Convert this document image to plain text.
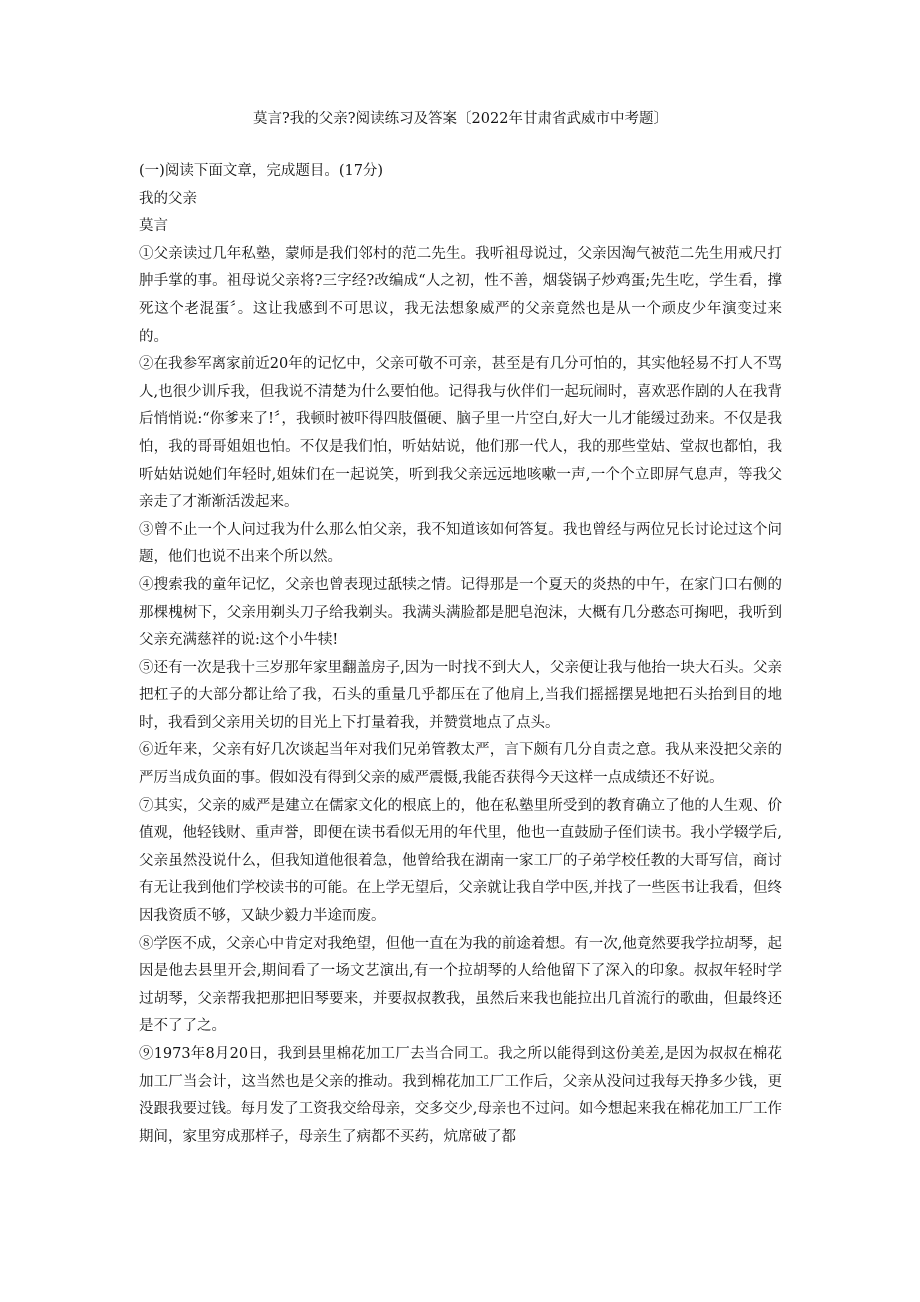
莫言?我的父亲?阅读练习及答案〔2022年甘肃省武威市中考题〕

(一)阅读下面文章，完成题目。(17分)

我的父亲

莫言

①父亲读过几年私塾，蒙师是我们邻村的范二先生。我听祖母说过，父亲因淘气被范二先生用戒尺打肿手掌的事。祖母说父亲将?三字经?改编成“人之初，性不善，烟袋锅子炒鸡蛋;先生吃，学生看，撑死这个老混蛋〞。这让我感到不可思议，我无法想象威严的父亲竟然也是从一个顽皮少年演变过来的。

②在我参军离家前近20年的记忆中，父亲可敬不可亲，甚至是有几分可怕的，其实他轻易不打人不骂人,也很少训斥我，但我说不清楚为什么要怕他。记得我与伙伴们一起玩闹时，喜欢恶作剧的人在我背后悄悄说:“你爹来了!〞，我顿时被吓得四肢僵硬、脑子里一片空白,好大一儿才能缓过劲来。不仅是我怕，我的哥哥姐姐也怕。不仅是我们怕，听姑姑说，他们那一代人，我的那些堂姑、堂叔也都怕，我听姑姑说她们年轻时,姐妹们在一起说笑，听到我父亲远远地咳嗽一声,一个个立即屏气息声，等我父亲走了才渐渐活泼起来。

③曾不止一个人问过我为什么那么怕父亲，我不知道该如何答复。我也曾经与两位兄长讨论过这个问题，他们也说不出来个所以然。

④搜索我的童年记忆，父亲也曾表现过舐犊之情。记得那是一个夏天的炎热的中午，在家门口右侧的那棵槐树下，父亲用剃头刀子给我剃头。我满头满脸都是肥皂泡沫，大概有几分憨态可掬吧，我听到父亲充满慈祥的说:这个小牛犊!

⑤还有一次是我十三岁那年家里翻盖房子,因为一时找不到大人，父亲便让我与他抬一块大石头。父亲把杠子的大部分都让给了我，石头的重量几乎都压在了他肩上,当我们摇摇摆晃地把石头抬到目的地时，我看到父亲用关切的目光上下打量着我，并赞赏地点了点头。

⑥近年来，父亲有好几次谈起当年对我们兄弟管教太严，言下颇有几分自责之意。我从来没把父亲的严厉当成负面的事。假如没有得到父亲的威严震慑,我能否获得今天这样一点成绩还不好说。

⑦其实，父亲的威严是建立在儒家文化的根底上的，他在私塾里所受到的教育确立了他的人生观、价值观，他轻钱财、重声誉，即便在读书看似无用的年代里，他也一直鼓励子侄们读书。我小学辍学后,父亲虽然没说什么，但我知道他很着急，他曾给我在湖南一家工厂的子弟学校任教的大哥写信，商讨有无让我到他们学校读书的可能。在上学无望后，父亲就让我自学中医,并找了一些医书让我看，但终因我资质不够，又缺少毅力半途而废。

⑧学医不成，父亲心中肯定对我绝望，但他一直在为我的前途着想。有一次,他竟然要我学拉胡琴，起因是他去县里开会,期间看了一场文艺演出,有一个拉胡琴的人给他留下了深入的印象。叔叔年轻时学过胡琴，父亲帮我把那把旧琴要来，并要叔叔教我，虽然后来我也能拉出几首流行的歌曲，但最终还是不了了之。

⑨1973年8月20日，我到县里棉花加工厂去当合同工。我之所以能得到这份美差,是因为叔叔在棉花加工厂当会计，这当然也是父亲的推动。我到棉花加工厂工作后，父亲从没问过我每天挣多少钱，更没跟我要过钱。每月发了工资我交给母亲，交多交少,母亲也不过问。如今想起来我在棉花加工厂工作期间，家里穷成那样子，母亲生了病都不买药，炕席破了都
